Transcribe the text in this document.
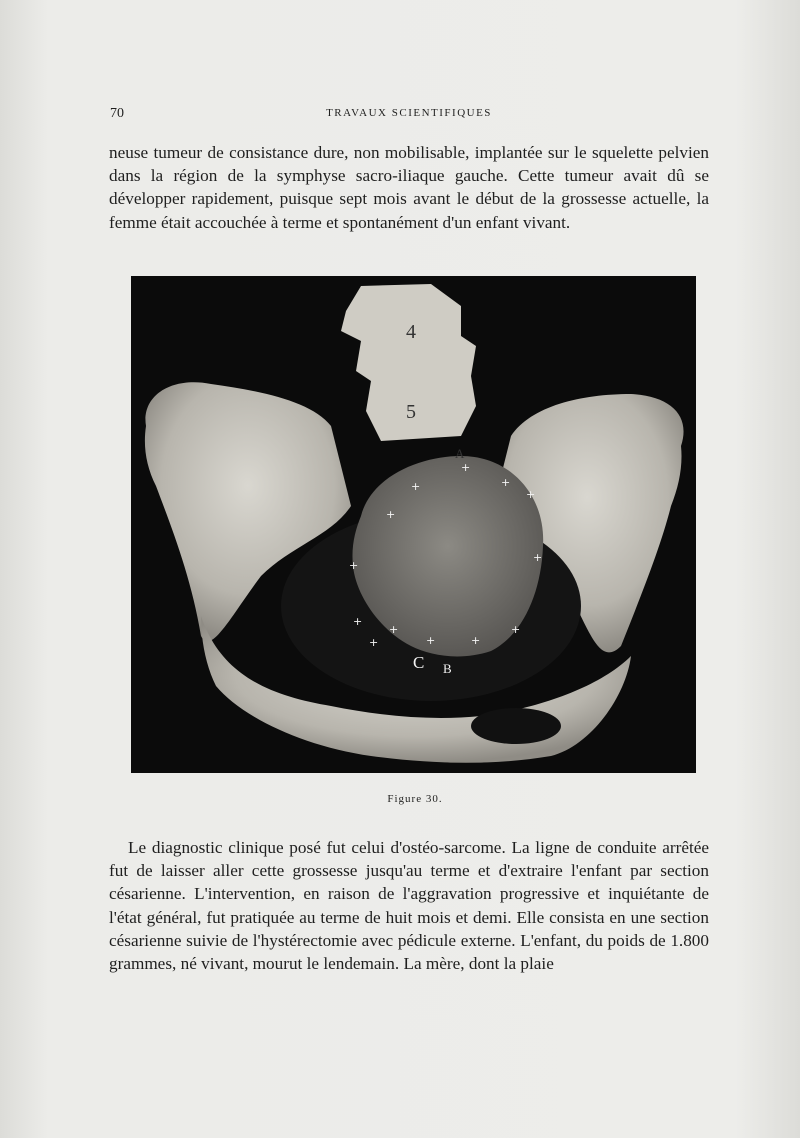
70	TRAVAUX SCIENTIFIQUES

neuse tumeur de consistance dure, non mobilisable, implantée sur le squelette pelvien dans la région de la symphyse sacro-iliaque gauche. Cette tumeur avait dû se développer rapidement, puisque sept mois avant le début de la grossesse actuelle, la femme était accouchée à terme et spontanément d'un enfant vivant.

+
+
+
+	+
+
+
+
+	+
+
+
+
4
5
A
C B
Figure 30.

Le diagnostic clinique posé fut celui d'ostéo-sarcome. La ligne de conduite arrêtée fut de laisser aller cette grossesse jusqu'au terme et d'extraire l'enfant par section césarienne. L'intervention, en raison de l'aggravation progressive et inquiétante de l'état général, fut pratiquée au terme de huit mois et demi. Elle consista en une section césarienne suivie de l'hystérectomie avec pédicule externe. L'enfant, du poids de 1.800 grammes, né vivant, mourut le lendemain. La mère, dont la plaie
